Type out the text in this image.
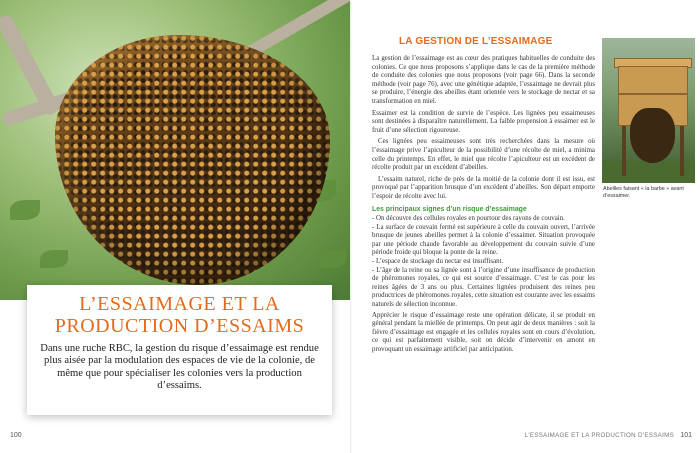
L’ESSAIMAGE ET LA
PRODUCTION D’ESSAIMS

Dans une ruche RBC, la gestion du risque d’essaimage est rendue plus aisée par la modulation des espaces de vie de la colonie, de même que pour spécialiser les colonies vers la production d’essaims.

100
LA GESTION DE L’ESSAIMAGE

La gestion de l’essaimage est au cœur des pratiques habituelles de conduite des colonies. Ce que nous proposons s’applique dans le cas de la première méthode de conduite des colonies que nous proposons (voir page 66). Dans la seconde méthode (voir page 76), avec une génétique adaptée, l’essaimage ne devrait plus se produire, l’énergie des abeilles étant orientée vers le stockage de nectar et sa transformation en miel.

Essaimer est la condition de survie de l’espèce. Les lignées peu essaimeuses sont destinées à disparaître naturellement. La faible propension à essaimer est le fruit d’une sélection rigoureuse.

Ces lignées peu essaimeuses sont très recherchées dans la mesure où l’essaimage prive l’apiculteur de la possibilité d’une récolte de miel, a minima celle du printemps. En effet, le miel que récolte l’apiculteur est un excédent de récolte produit par un excédent d’abeilles.

L’essaim naturel, riche de près de la moitié de la colonie dont il est issu, est provoqué par l’apparition brusque d’un excédent d’abeilles. Son départ emporte l’espoir de récolte avec lui.

Les principaux signes d’un risque d’essaimage

- On découvre des cellules royales en pourtour des rayons de couvain.
- La surface de couvain fermé est supérieure à celle du couvain ouvert, l’arrivée brusque de jeunes abeilles permet à la colonie d’essaimer. Situation provoquée par une période chaude favorable au développement du couvain suivie d’une période froide qui bloque la ponte de la reine.
- L’espace de stockage du nectar est insuffisant.
- L’âge de la reine ou sa lignée sont à l’origine d’une insuffisance de production de phéromones royales, ce qui est source d’essaimage. C’est le cas pour les reines âgées de 3 ans ou plus. Certaines lignées produisent des reines peu productrices de phéromones royales, cette situation est courante avec les essaims naturels de sélection inconnue.

Apprécier le risque d’essaimage reste une opération délicate, il se produit en général pendant la miellée de printemps. On peut agir de deux manières : soit la fièvre d’essaimage est engagée et les cellules royales sont en cours d’évolution, ce qui est parfaitement visible, soit on décide d’intervenir en amont en provoquant un essaimage artificiel par anticipation.

Abeilles faisant « la barbe » avant d’essaimer.
L’ESSAIMAGE ET LA PRODUCTION D’ESSAIMS 101
